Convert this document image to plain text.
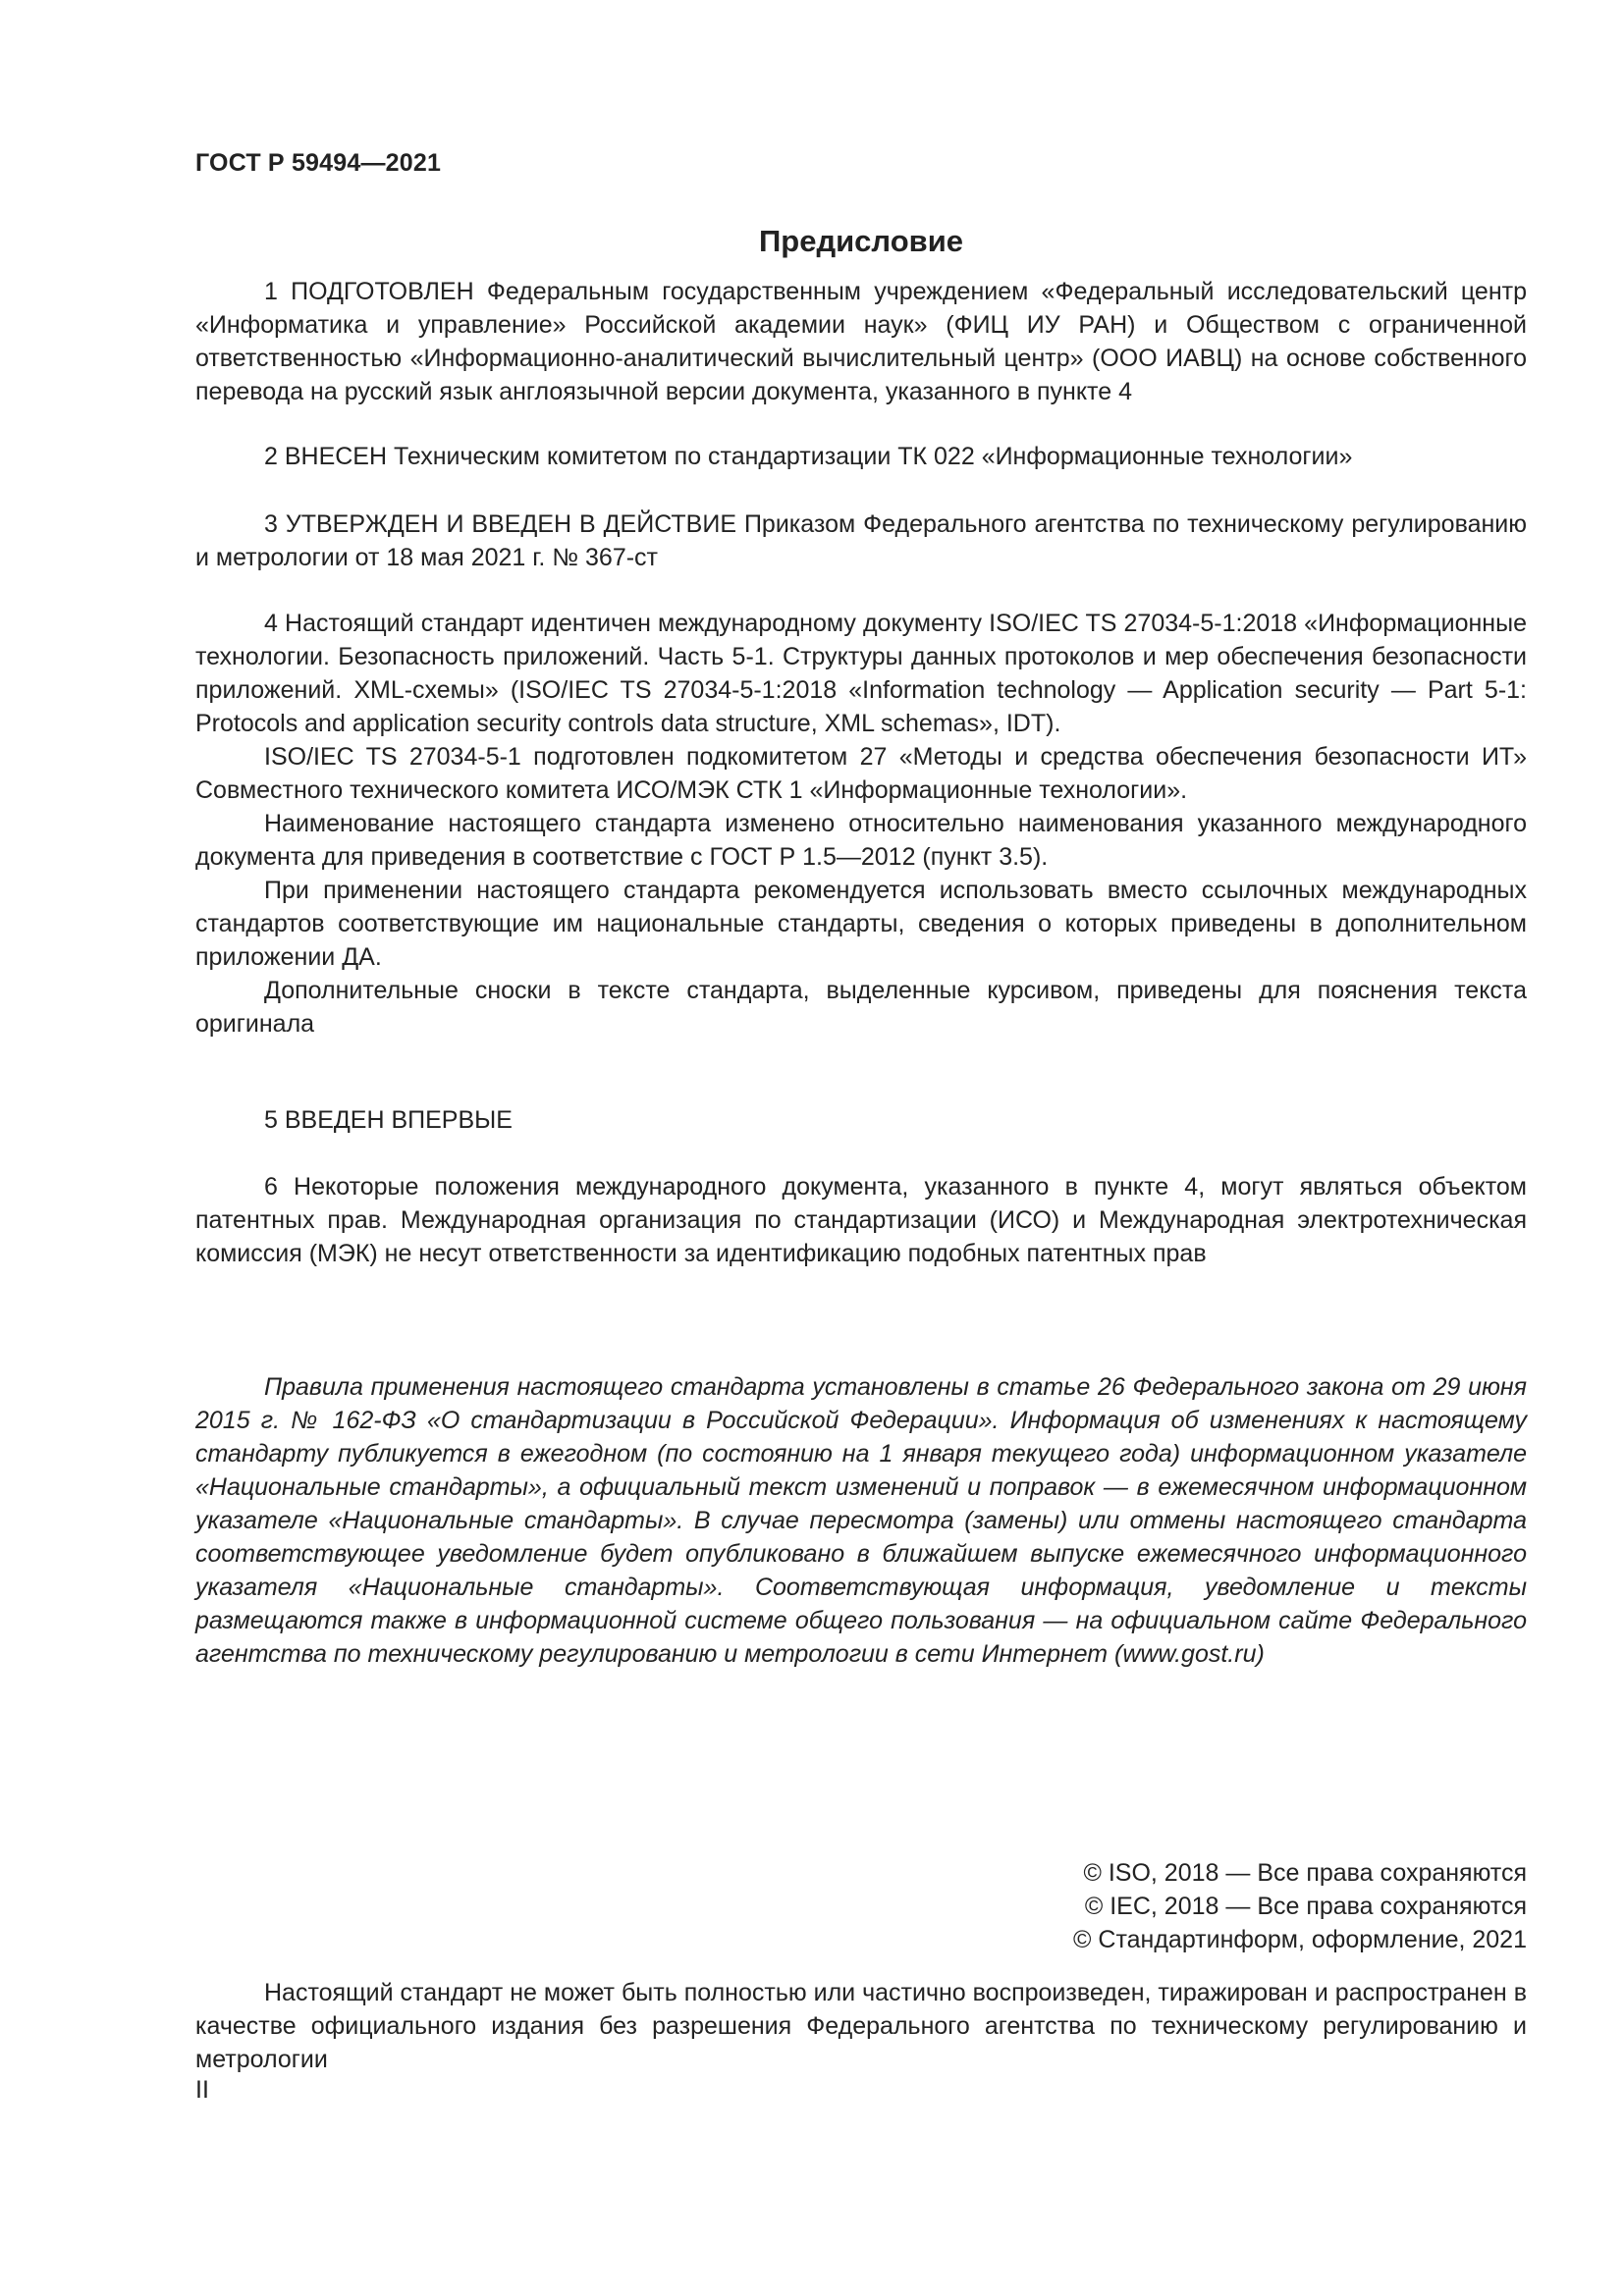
ГОСТ Р 59494—2021
Предисловие

1 ПОДГОТОВЛЕН Федеральным государственным учреждением «Федеральный исследовательский центр «Информатика и управление» Российской академии наук» (ФИЦ ИУ РАН) и Обществом с ограниченной ответственностью «Информационно-аналитический вычислительный центр» (ООО ИАВЦ) на основе собственного перевода на русский язык англоязычной версии документа, указанного в пункте 4

2 ВНЕСЕН Техническим комитетом по стандартизации ТК 022 «Информационные технологии»

3 УТВЕРЖДЕН И ВВЕДЕН В ДЕЙСТВИЕ Приказом Федерального агентства по техническому регулированию и метрологии от 18 мая 2021 г. № 367-ст

4 Настоящий стандарт идентичен международному документу ISO/IEC TS 27034-5-1:2018 «Информационные технологии. Безопасность приложений. Часть 5-1. Структуры данных протоколов и мер обеспечения безопасности приложений. XML-схемы» (ISO/IEC TS 27034-5-1:2018 «Information technology — Application security — Part 5-1: Protocols and application security controls data structure, XML schemas», IDT).

ISO/IEC TS 27034-5-1 подготовлен подкомитетом 27 «Методы и средства обеспечения безопасности ИТ» Совместного технического комитета ИСО/МЭК СТК 1 «Информационные технологии».

Наименование настоящего стандарта изменено относительно наименования указанного международного документа для приведения в соответствие с ГОСТ Р 1.5—2012 (пункт 3.5).

При применении настоящего стандарта рекомендуется использовать вместо ссылочных международных стандартов соответствующие им национальные стандарты, сведения о которых приведены в дополнительном приложении ДА.

Дополнительные сноски в тексте стандарта, выделенные курсивом, приведены для пояснения текста оригинала

5 ВВЕДЕН ВПЕРВЫЕ

6 Некоторые положения международного документа, указанного в пункте 4, могут являться объектом патентных прав. Международная организация по стандартизации (ИСО) и Международная электротехническая комиссия (МЭК) не несут ответственности за идентификацию подобных патентных прав

Правила применения настоящего стандарта установлены в статье 26 Федерального закона от 29 июня 2015 г. № 162-ФЗ «О стандартизации в Российской Федерации». Информация об изменениях к настоящему стандарту публикуется в ежегодном (по состоянию на 1 января текущего года) информационном указателе «Национальные стандарты», а официальный текст изменений и поправок — в ежемесячном информационном указателе «Национальные стандарты». В случае пересмотра (замены) или отмены настоящего стандарта соответствующее уведомление будет опубликовано в ближайшем выпуске ежемесячного информационного указателя «Национальные стандарты». Соответствующая информация, уведомление и тексты размещаются также в информационной системе общего пользования — на официальном сайте Федерального агентства по техническому регулированию и метрологии в сети Интернет (www.gost.ru)

© ISO, 2018 — Все права сохраняются
© IEC, 2018 — Все права сохраняются
© Стандартинформ, оформление, 2021

Настоящий стандарт не может быть полностью или частично воспроизведен, тиражирован и распространен в качестве официального издания без разрешения Федерального агентства по техническому регулированию и метрологии

II
